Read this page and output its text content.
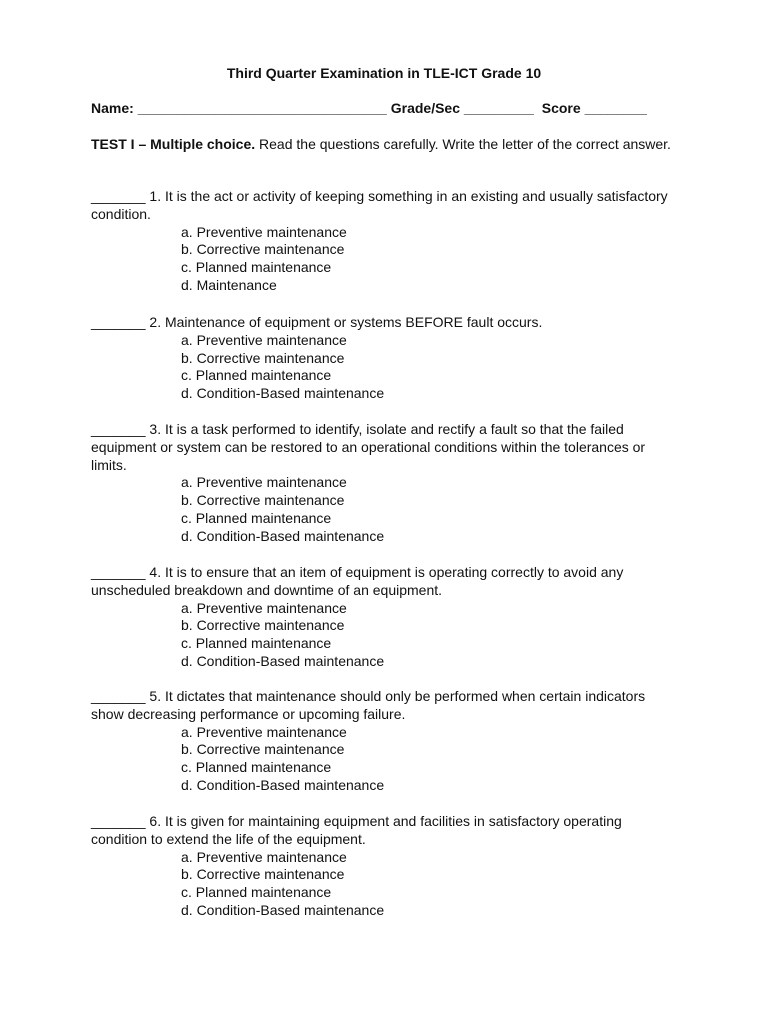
Third Quarter Examination in TLE-ICT Grade 10
Name: ________________________________ Grade/Sec _________ Score ________
TEST I – Multiple choice. Read the questions carefully. Write the letter of the correct answer.
_______ 1. It is the act or activity of keeping something in an existing and usually satisfactory condition.
a. Preventive maintenance
b. Corrective maintenance
c. Planned maintenance
d. Maintenance
_______ 2. Maintenance of equipment or systems BEFORE fault occurs.
a. Preventive maintenance
b. Corrective maintenance
c. Planned maintenance
d. Condition-Based maintenance
_______ 3. It is a task performed to identify, isolate and rectify a fault so that the failed equipment or system can be restored to an operational conditions within the tolerances or limits.
a. Preventive maintenance
b. Corrective maintenance
c. Planned maintenance
d. Condition-Based maintenance
_______ 4. It is to ensure that an item of equipment is operating correctly to avoid any unscheduled breakdown and downtime of an equipment.
a. Preventive maintenance
b. Corrective maintenance
c. Planned maintenance
d. Condition-Based maintenance
_______ 5. It dictates that maintenance should only be performed when certain indicators show decreasing performance or upcoming failure.
a. Preventive maintenance
b. Corrective maintenance
c. Planned maintenance
d. Condition-Based maintenance
_______ 6. It is given for maintaining equipment and facilities in satisfactory operating condition to extend the life of the equipment.
a. Preventive maintenance
b. Corrective maintenance
c. Planned maintenance
d. Condition-Based maintenance
